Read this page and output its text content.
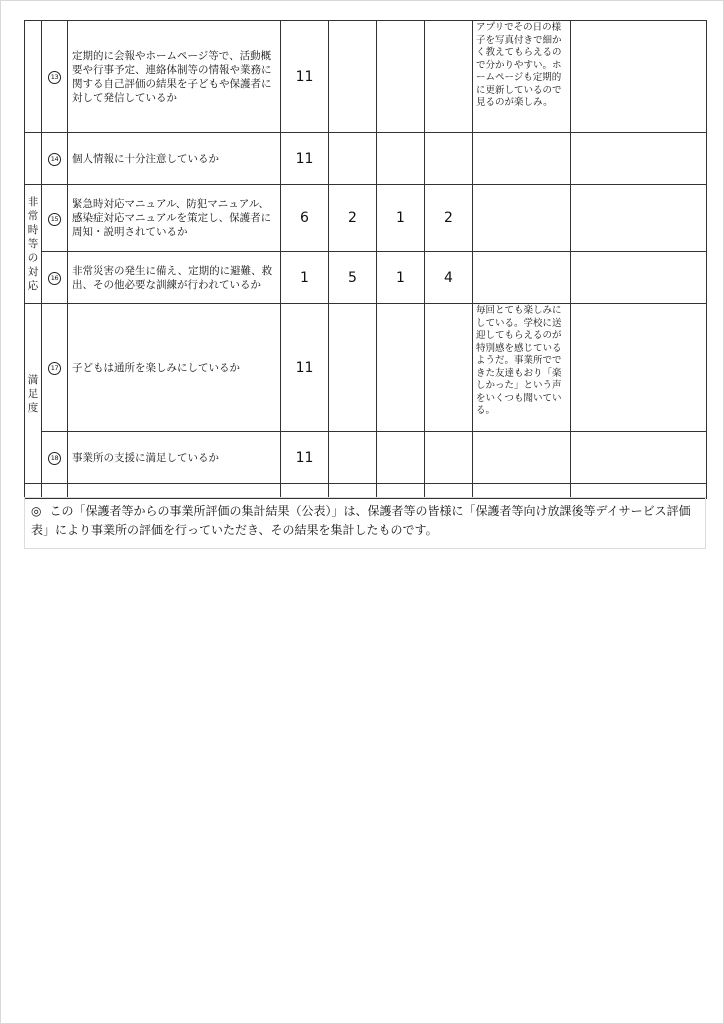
	13	定期的に会報やホームページ等で、活動概要や行事予定、連絡体制等の情報や業務に関する自己評価の結果を子どもや保護者に対して発信しているか	11				アプリでその日の様子を写真付きで細かく教えてもらえるので分かりやすい。ホームページも定期的に更新しているので見るのが楽しみ。	
	14	個人情報に十分注意しているか	11					

非常時等の対応	15	緊急時対応マニュアル、防犯マニュアル、感染症対応マニュアルを策定し、保護者に周知・説明されているか	6	2	1	2		
	16	非常災害の発生に備え、定期的に避難、救出、その他必要な訓練が行われているか	1	5	1	4		

満足度	17	子どもは通所を楽しみにしているか	11				毎回とても楽しみにしている。学校に送迎してもらえるのが特別感を感じているようだ。事業所でできた友達もおり「楽しかった」という声をいくつも聞いている。	
	18	事業所の支援に満足しているか	11					

◎ この「保護者等からの事業所評価の集計結果（公表）」は、保護者等の皆様に「保護者等向け放課後等デイサービス評価表」により事業所の評価を行っていただき、その結果を集計したものです。
